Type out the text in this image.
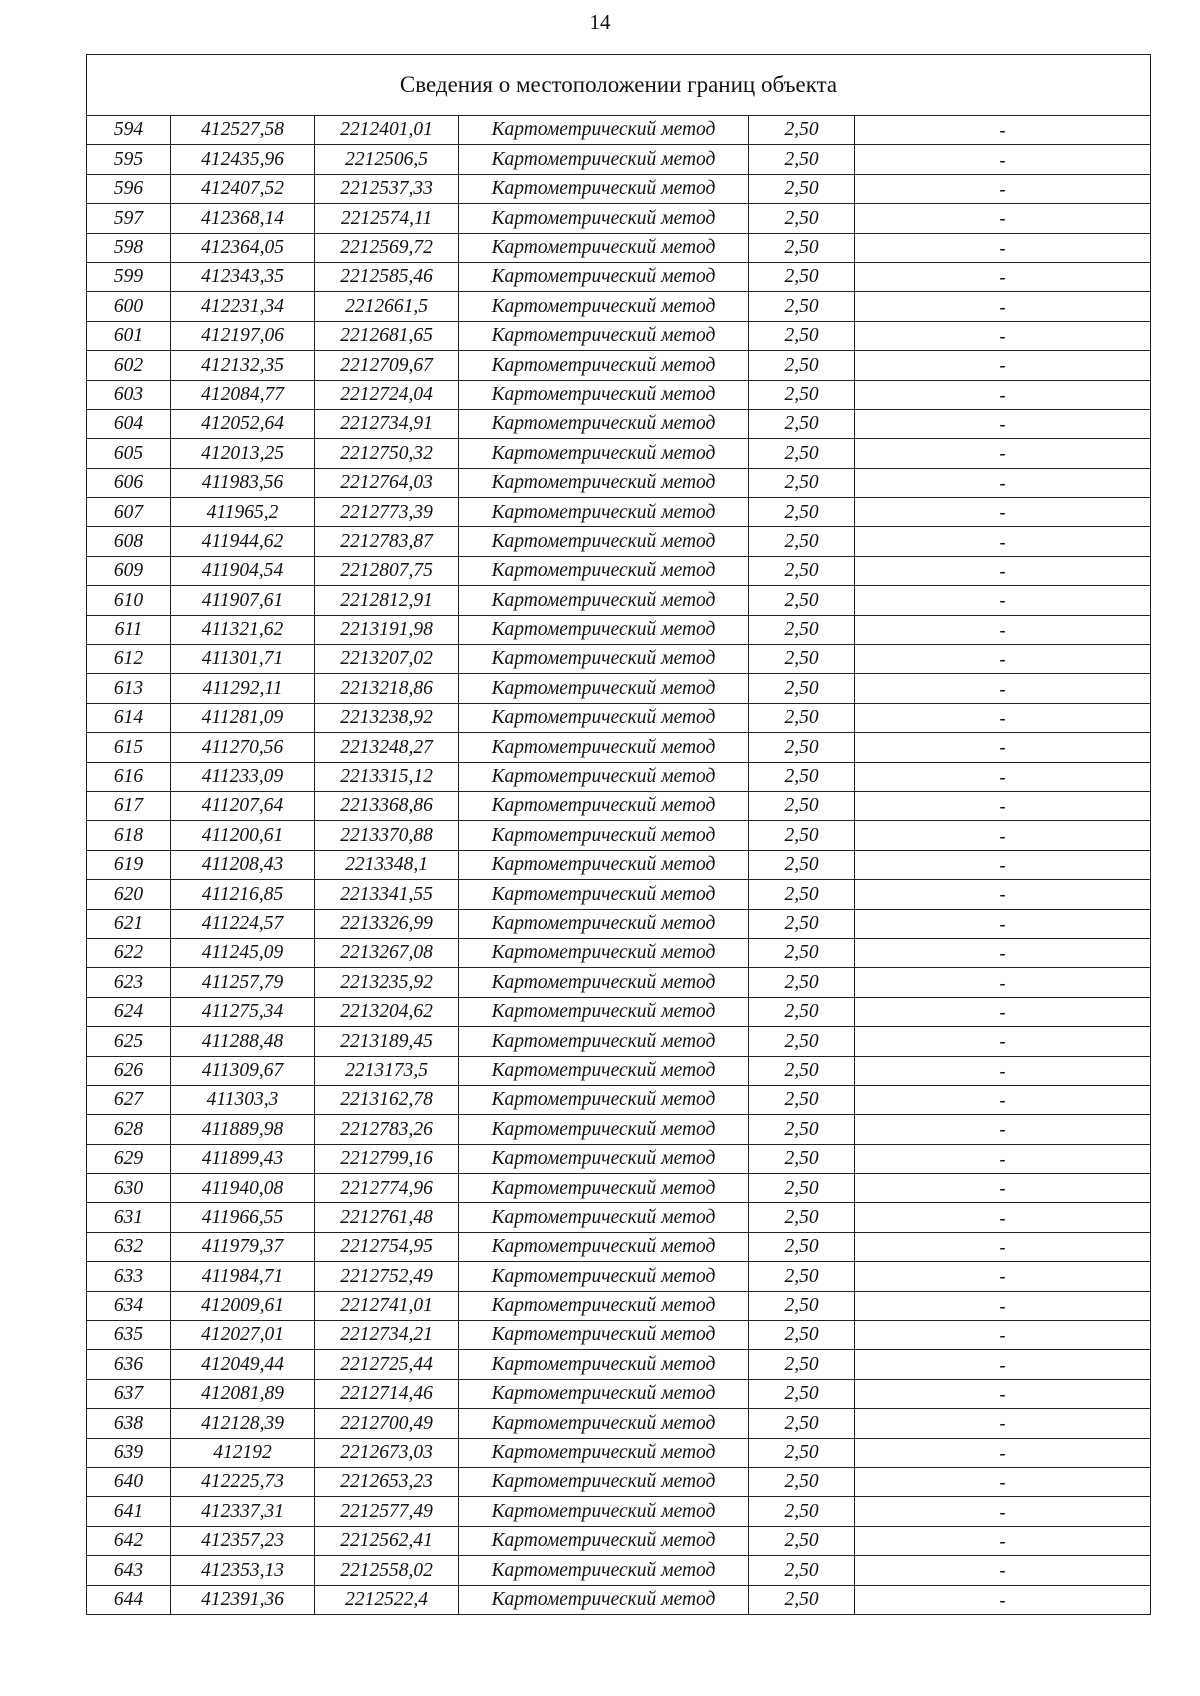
14
Сведения о местоположении границ объекта					
594	412527,58	2212401,01	Картометрический метод	2,50	-
595	412435,96	2212506,5	Картометрический метод	2,50	-
596	412407,52	2212537,33	Картометрический метод	2,50	-
597	412368,14	2212574,11	Картометрический метод	2,50	-
598	412364,05	2212569,72	Картометрический метод	2,50	-
599	412343,35	2212585,46	Картометрический метод	2,50	-
600	412231,34	2212661,5	Картометрический метод	2,50	-
601	412197,06	2212681,65	Картометрический метод	2,50	-
602	412132,35	2212709,67	Картометрический метод	2,50	-
603	412084,77	2212724,04	Картометрический метод	2,50	-
604	412052,64	2212734,91	Картометрический метод	2,50	-
605	412013,25	2212750,32	Картометрический метод	2,50	-
606	411983,56	2212764,03	Картометрический метод	2,50	-
607	411965,2	2212773,39	Картометрический метод	2,50	-
608	411944,62	2212783,87	Картометрический метод	2,50	-
609	411904,54	2212807,75	Картометрический метод	2,50	-
610	411907,61	2212812,91	Картометрический метод	2,50	-
611	411321,62	2213191,98	Картометрический метод	2,50	-
612	411301,71	2213207,02	Картометрический метод	2,50	-
613	411292,11	2213218,86	Картометрический метод	2,50	-
614	411281,09	2213238,92	Картометрический метод	2,50	-
615	411270,56	2213248,27	Картометрический метод	2,50	-
616	411233,09	2213315,12	Картометрический метод	2,50	-
617	411207,64	2213368,86	Картометрический метод	2,50	-
618	411200,61	2213370,88	Картометрический метод	2,50	-
619	411208,43	2213348,1	Картометрический метод	2,50	-
620	411216,85	2213341,55	Картометрический метод	2,50	-
621	411224,57	2213326,99	Картометрический метод	2,50	-
622	411245,09	2213267,08	Картометрический метод	2,50	-
623	411257,79	2213235,92	Картометрический метод	2,50	-
624	411275,34	2213204,62	Картометрический метод	2,50	-
625	411288,48	2213189,45	Картометрический метод	2,50	-
626	411309,67	2213173,5	Картометрический метод	2,50	-
627	411303,3	2213162,78	Картометрический метод	2,50	-
628	411889,98	2212783,26	Картометрический метод	2,50	-
629	411899,43	2212799,16	Картометрический метод	2,50	-
630	411940,08	2212774,96	Картометрический метод	2,50	-
631	411966,55	2212761,48	Картометрический метод	2,50	-
632	411979,37	2212754,95	Картометрический метод	2,50	-
633	411984,71	2212752,49	Картометрический метод	2,50	-
634	412009,61	2212741,01	Картометрический метод	2,50	-
635	412027,01	2212734,21	Картометрический метод	2,50	-
636	412049,44	2212725,44	Картометрический метод	2,50	-
637	412081,89	2212714,46	Картометрический метод	2,50	-
638	412128,39	2212700,49	Картометрический метод	2,50	-
639	412192	2212673,03	Картометрический метод	2,50	-
640	412225,73	2212653,23	Картометрический метод	2,50	-
641	412337,31	2212577,49	Картометрический метод	2,50	-
642	412357,23	2212562,41	Картометрический метод	2,50	-
643	412353,13	2212558,02	Картометрический метод	2,50	-
644	412391,36	2212522,4	Картометрический метод	2,50	-
